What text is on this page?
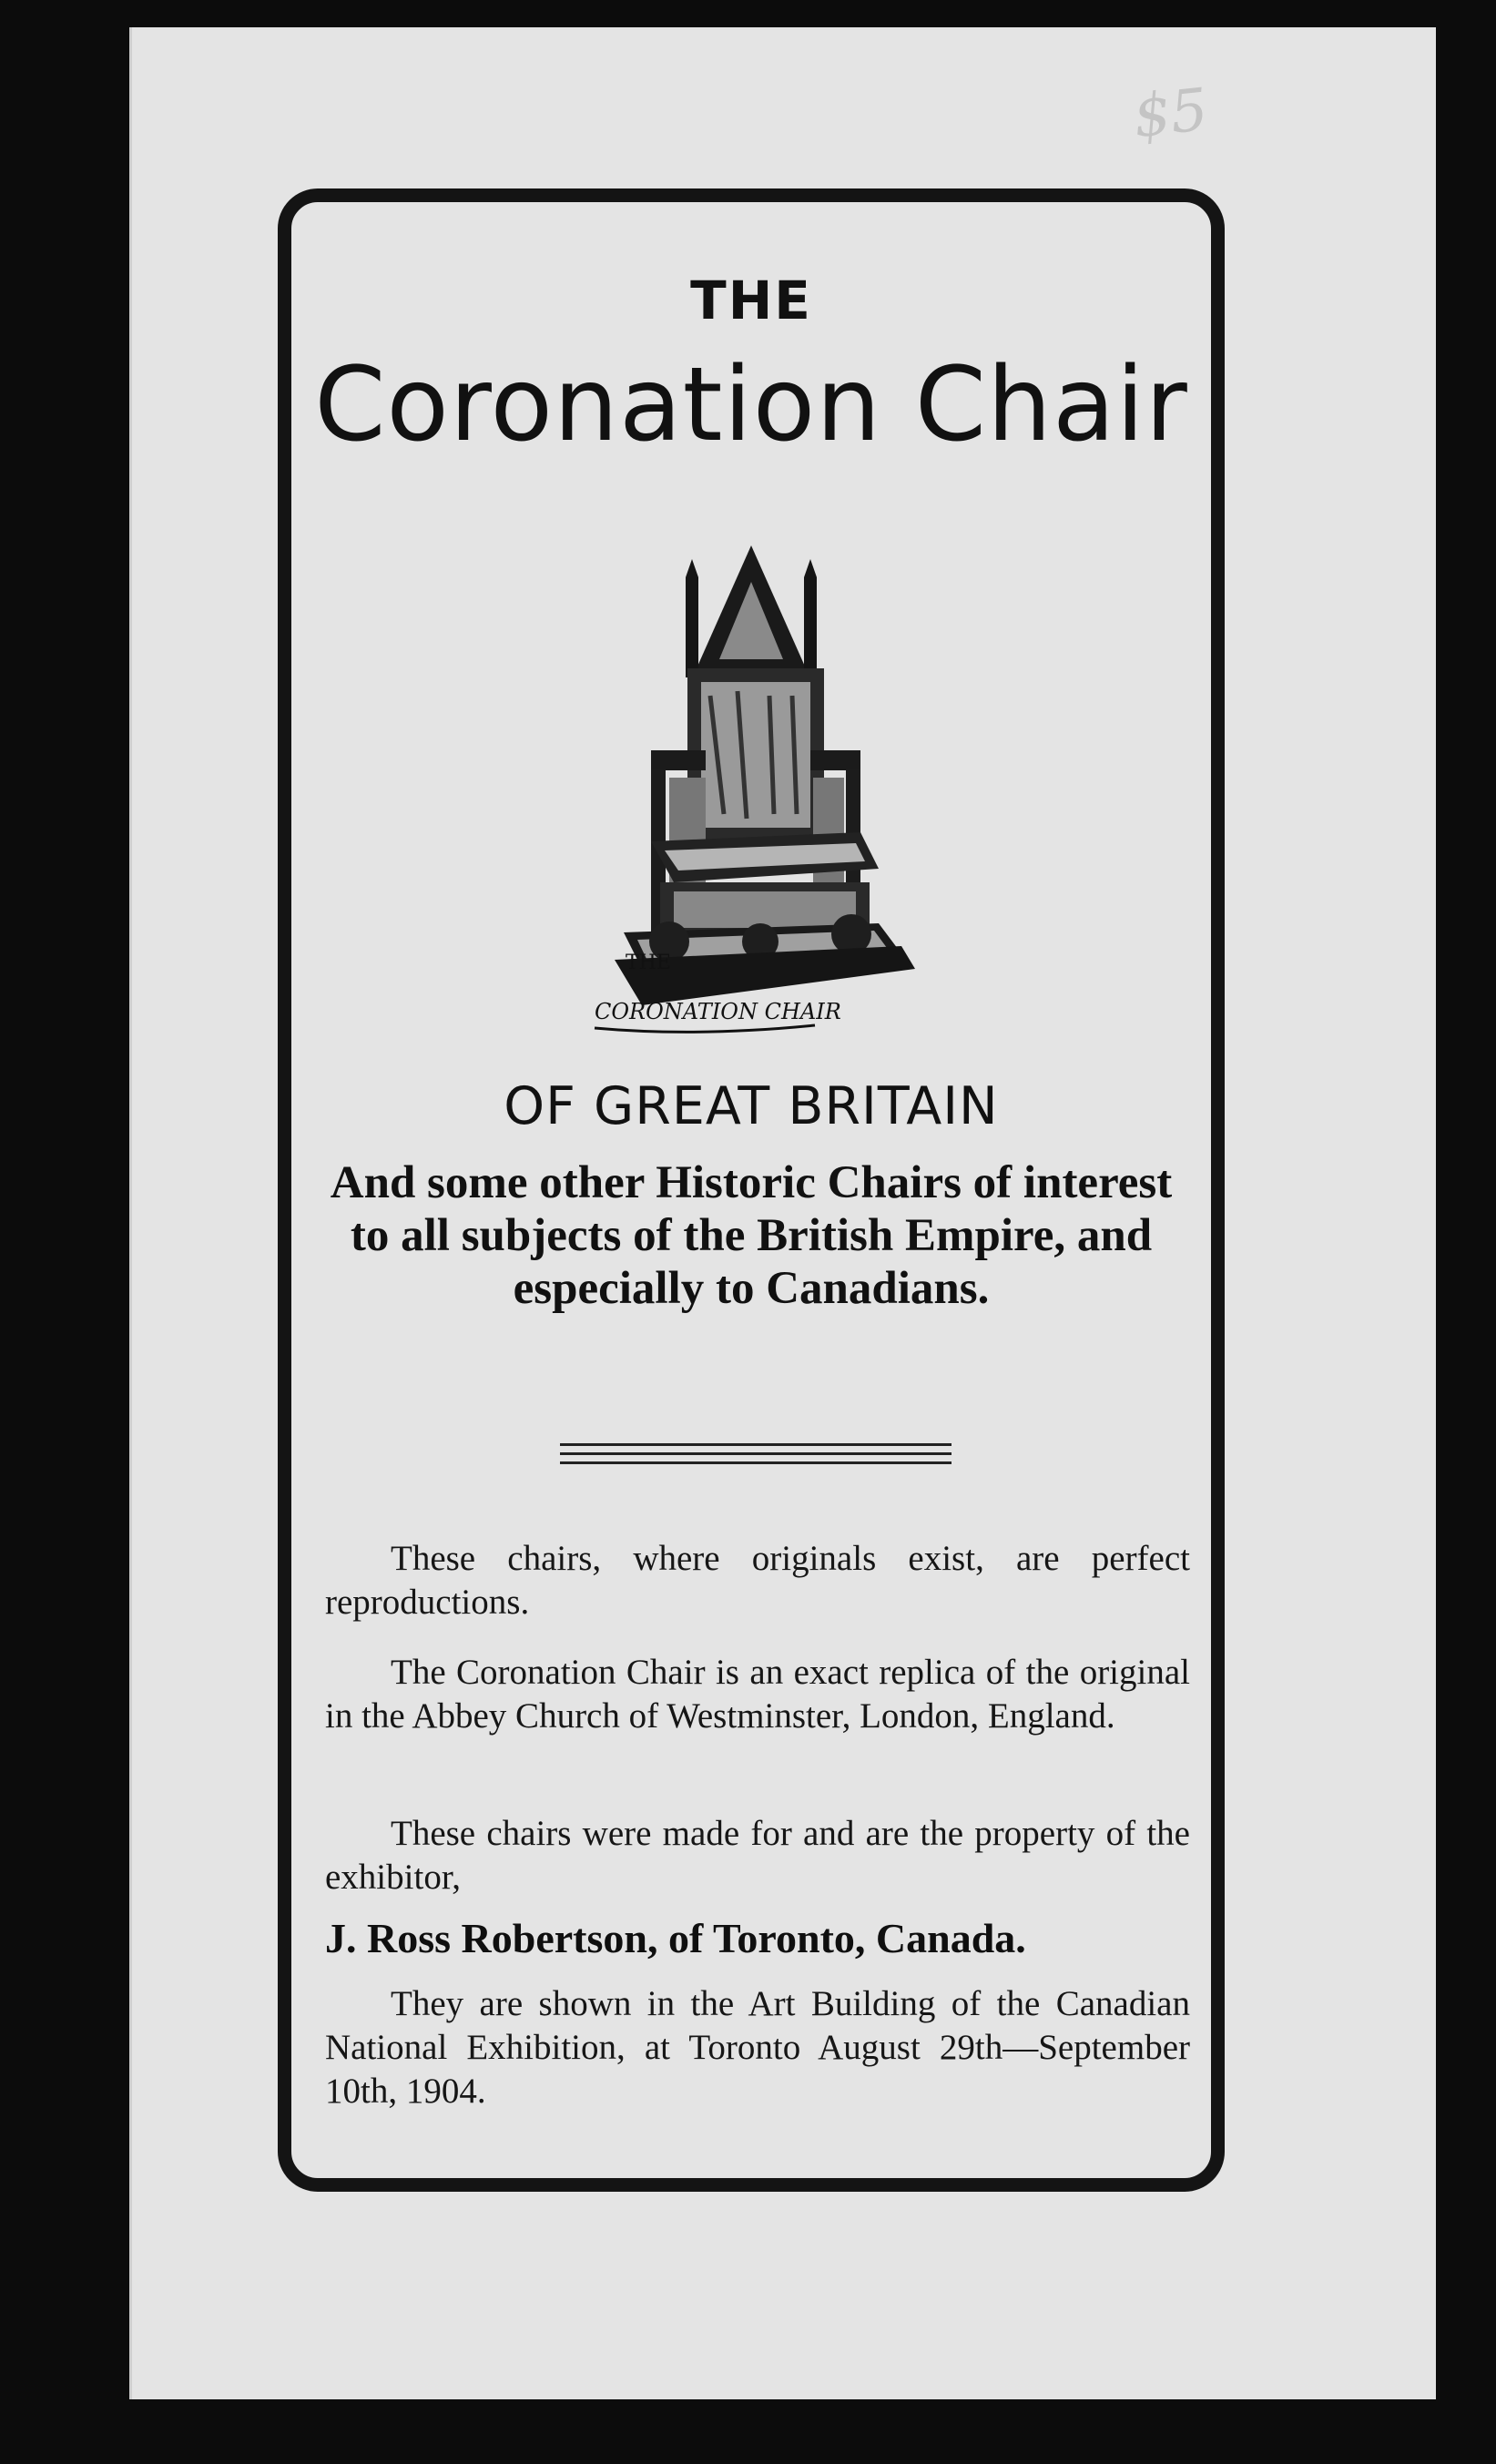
$5
THE
Coronation Chair
THE
CORONATION CHAIR
OF GREAT BRITAIN
And some other Historic Chairs of interest to all subjects of the British Empire, and especially to Canadians.
These chairs, where originals exist, are perfect reproductions.
The Coronation Chair is an exact replica of the original in the Abbey Church of Westminster, London, England.
These chairs were made for and are the property of the exhibitor,
J. Ross Robertson, of Toronto, Canada.
They are shown in the Art Building of the Canadian National Exhibition, at Toronto August 29th—September 10th, 1904.
